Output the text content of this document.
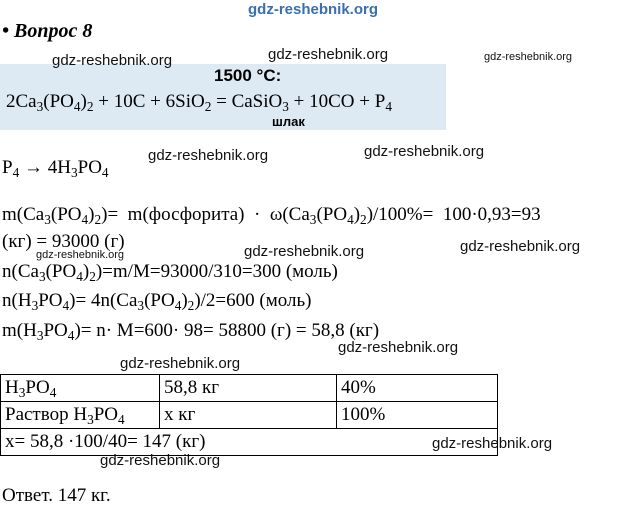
gdz-reshebnik.org
• Вопрос 8
1500 °C:
$2Ca_3(PO_4)_2 + 10C + 6SiO_2$ = CaSiO$_3$ + $10CO + P_4$
шлак
$P_4 \to 4H_3PO_4$
$m(Ca_3(PO_4)_2)=$  m(фосфорита)  ·  $\omega(Ca_3(PO_4)_2)/100\%= 100\cdot 0,93=93$
(кг) = 93000 (г)
$n(Ca_3(PO_4)_2)=m/M=93000/310=300$ (моль)
$n(H_3PO_4)= 4n(Ca_3(PO_4)_2)/2=600$ (моль)
$m(H_3PO_4)= n\cdot M=600\cdot 98= 58800$ (г) = 58,8 (кг)
$H_3PO_4$	58,8 кг	40%
Раствор $H_3PO_4$	х кг	100%
х= 58,8 ·100/40= 147 (кг)		
Ответ. 147 кг.
gdz-reshebnik.org	gdz-reshebnik.org	gdz-reshebnik.org
gdz-reshebnik.org	gdz-reshebnik.org
gdz-reshebnik.org
gdz-reshebnik.org	gdz-reshebnik.org
gdz-reshebnik.org
gdz-reshebnik.org
gdz-reshebnik.org
gdz-reshebnik.org
